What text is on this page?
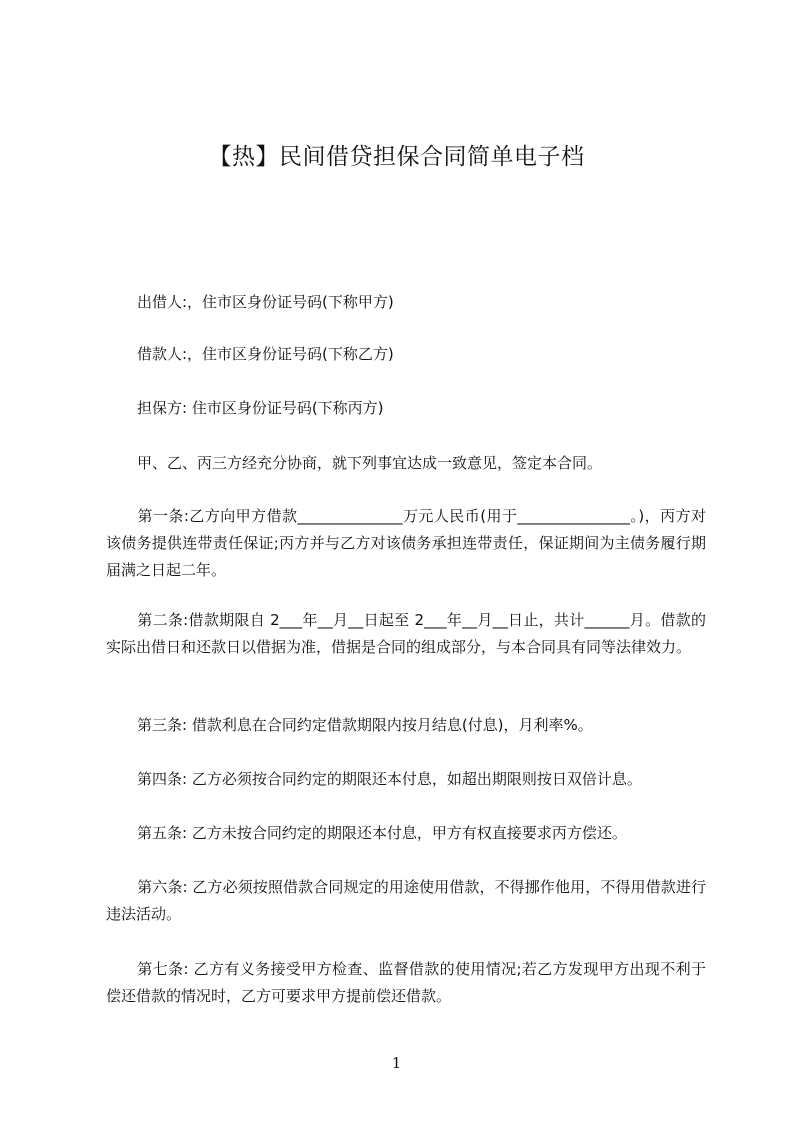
【热】民间借贷担保合同简单电子档
出借人:，住市区身份证号码(下称甲方)
借款人:，住市区身份证号码(下称乙方)
担保方: 住市区身份证号码(下称丙方)
甲、乙、丙三方经充分协商，就下列事宜达成一致意见，签定本合同。
第一条:乙方向甲方借款______________万元人民币(用于_______________。)，丙方对该债务提供连带责任保证;丙方并与乙方对该债务承担连带责任，保证期间为主债务履行期届满之日起二年。
第二条:借款期限自 2___年__月__日起至 2___年__月__日止，共计______月。借款的实际出借日和还款日以借据为准，借据是合同的组成部分，与本合同具有同等法律效力。
第三条: 借款利息在合同约定借款期限内按月结息(付息)，月利率%。
第四条: 乙方必须按合同约定的期限还本付息，如超出期限则按日双倍计息。
第五条: 乙方未按合同约定的期限还本付息，甲方有权直接要求丙方偿还。
第六条: 乙方必须按照借款合同规定的用途使用借款，不得挪作他用，不得用借款进行违法活动。
第七条: 乙方有义务接受甲方检查、监督借款的使用情况;若乙方发现甲方出现不利于偿还借款的情况时，乙方可要求甲方提前偿还借款。
1
